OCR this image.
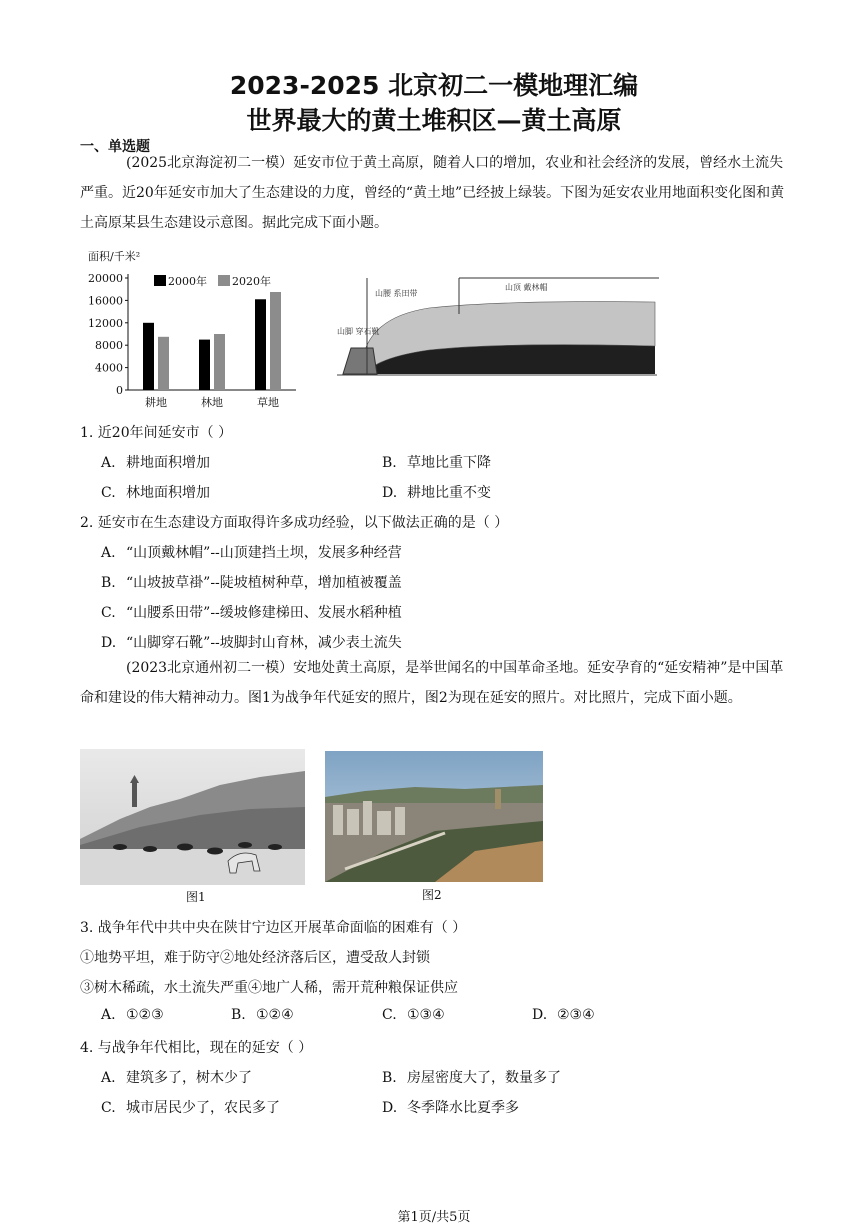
2023-2025 北京初二一模地理汇编
世界最大的黄土堆积区—黄土高原
一、单选题

(2025北京海淀初二一模）延安市位于黄土高原，随着人口的增加，农业和社会经济的发展，曾经水土流失严重。近20年延安市加大了生态建设的力度，曾经的“黄土地”已经披上绿装。下图为延安农业用地面积变化图和黄土高原某县生态建设示意图。据此完成下面小题。

面积/千米²
0
4000
8000
12000
16000
20000	2000年 2020年
耕地	林地	草地
山脚 穿石靴
山腰 系田带
山顶 戴林帽
1. 近20年间延安市（ ）
A. 耕地面积增加	B. 草地比重下降
C. 林地面积增加	D. 耕地比重不变
2. 延安市在生态建设方面取得许多成功经验，以下做法正确的是（ ）
A. “山顶戴林帽”--山顶建挡土坝，发展多种经营
B. “山坡披草褂”--陡坡植树种草，增加植被覆盖
C. “山腰系田带”--缓坡修建梯田、发展水稻种植
D. “山脚穿石靴”--坡脚封山育林，减少表土流失

(2023北京通州初二一模）安地处黄土高原，是举世闻名的中国革命圣地。延安孕育的“延安精神”是中国革命和建设的伟大精神动力。图1为战争年代延安的照片，图2为现在延安的照片。对比照片，完成下面小题。

图1	图2
3. 战争年代中共中央在陕甘宁边区开展革命面临的困难有（ ）
①地势平坦，难于防守②地处经济落后区，遭受敌人封锁
③树木稀疏，水土流失严重④地广人稀，需开荒种粮保证供应
A. ①②③	B. ①②④	C. ①③④	D. ②③④
4. 与战争年代相比，现在的延安（ ）
A. 建筑多了，树木少了	B. 房屋密度大了，数量多了
C. 城市居民少了，农民多了	D. 冬季降水比夏季多
第1页/共5页
